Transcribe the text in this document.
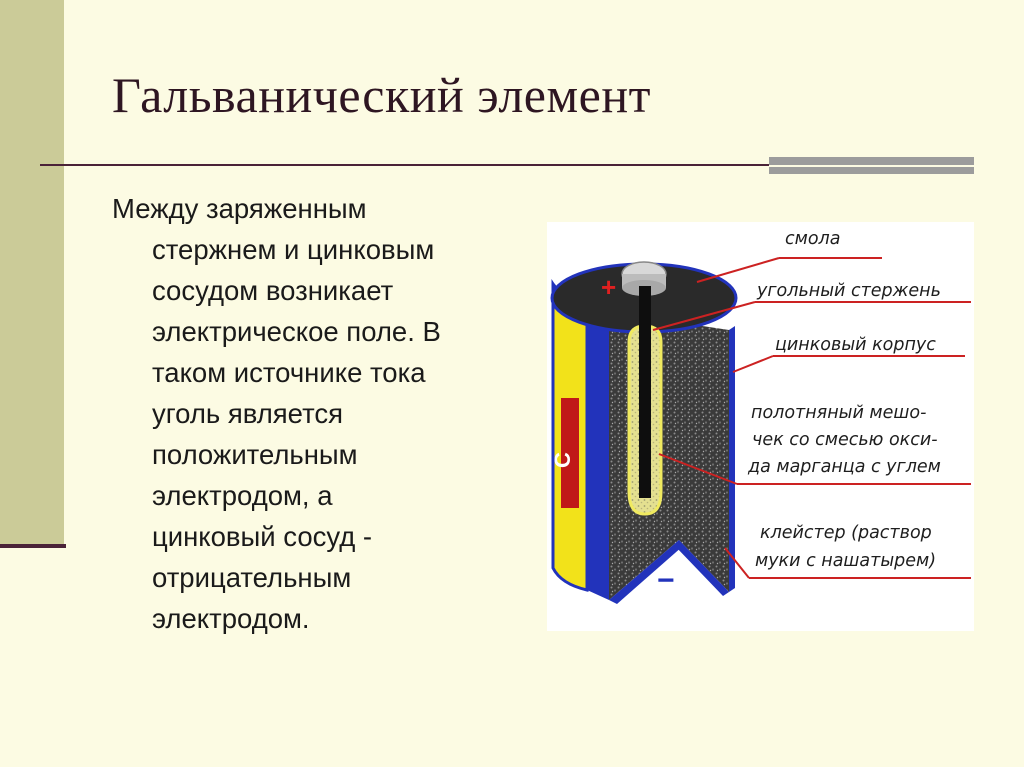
Гальванический элемент
Между заряженным
стержнем и цинковым
сосудом возникает
электрическое поле. В
таком источнике тока
уголь является
положительным
электродом, а
цинковый сосуд -
отрицательным
электродом.
C
+
−
смола
угольный стержень
цинковый корпус
полотняный мешо-
чек со смесью окси-
да марганца с углем
клейстер (раствор
муки с нашатырем)
